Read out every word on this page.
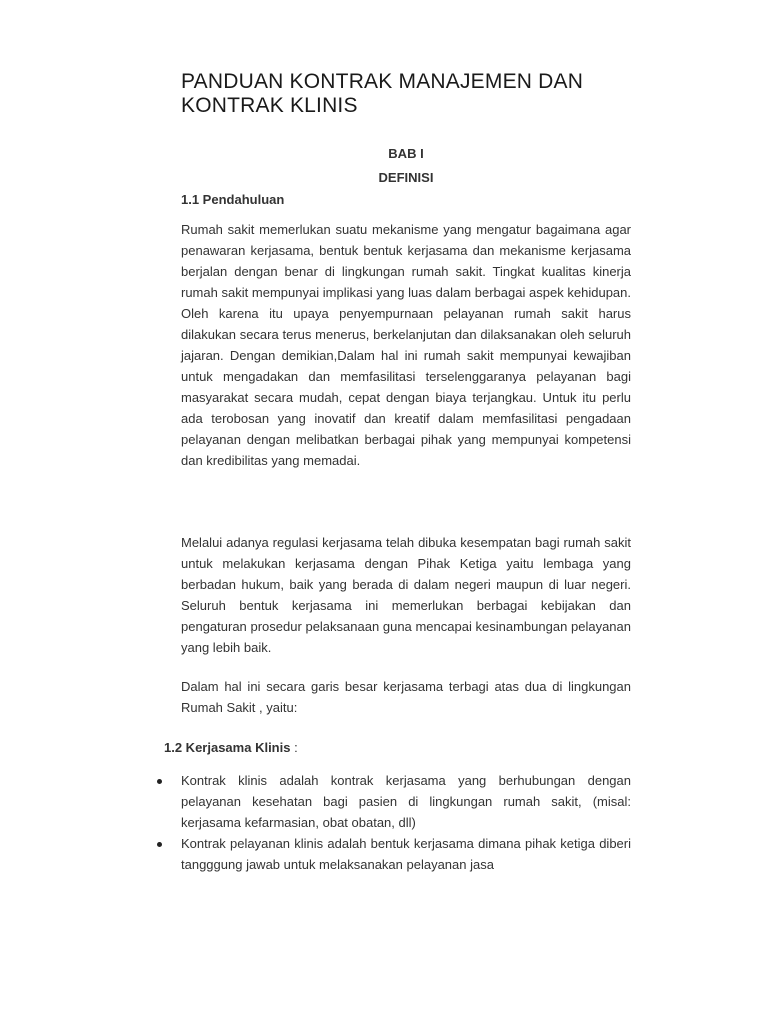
PANDUAN KONTRAK MANAJEMEN DAN KONTRAK KLINIS
BAB I
DEFINISI
1.1 Pendahuluan

Rumah sakit memerlukan suatu mekanisme yang mengatur bagaimana agar penawaran kerjasama, bentuk bentuk kerjasama dan mekanisme kerjasama berjalan dengan benar di lingkungan rumah sakit. Tingkat kualitas kinerja rumah sakit mempunyai implikasi yang luas dalam berbagai aspek kehidupan. Oleh karena itu upaya penyempurnaan pelayanan rumah sakit harus dilakukan secara terus menerus, berkelanjutan dan dilaksanakan oleh seluruh jajaran. Dengan demikian,Dalam hal ini rumah sakit mempunyai kewajiban untuk mengadakan dan memfasilitasi terselenggaranya pelayanan bagi masyarakat secara mudah, cepat dengan biaya terjangkau. Untuk itu perlu ada terobosan yang inovatif dan kreatif dalam memfasilitasi pengadaan pelayanan dengan melibatkan berbagai pihak yang mempunyai kompetensi dan kredibilitas yang memadai.

Melalui adanya regulasi kerjasama telah dibuka kesempatan bagi rumah sakit untuk melakukan kerjasama dengan Pihak Ketiga yaitu lembaga yang berbadan hukum, baik yang berada di dalam negeri maupun di luar negeri. Seluruh bentuk kerjasama ini memerlukan berbagai kebijakan dan pengaturan prosedur pelaksanaan guna mencapai kesinambungan pelayanan yang lebih baik.

Dalam hal ini secara garis besar kerjasama terbagi atas dua di lingkungan Rumah Sakit , yaitu:

1.2 Kerjasama Klinis :
Kontrak klinis adalah kontrak kerjasama yang berhubungan dengan pelayanan kesehatan bagi pasien di lingkungan rumah sakit, (misal: kerjasama kefarmasian, obat obatan, dll)
Kontrak pelayanan klinis adalah bentuk kerjasama dimana pihak ketiga diberi tangggung jawab untuk melaksanakan pelayanan jasa
